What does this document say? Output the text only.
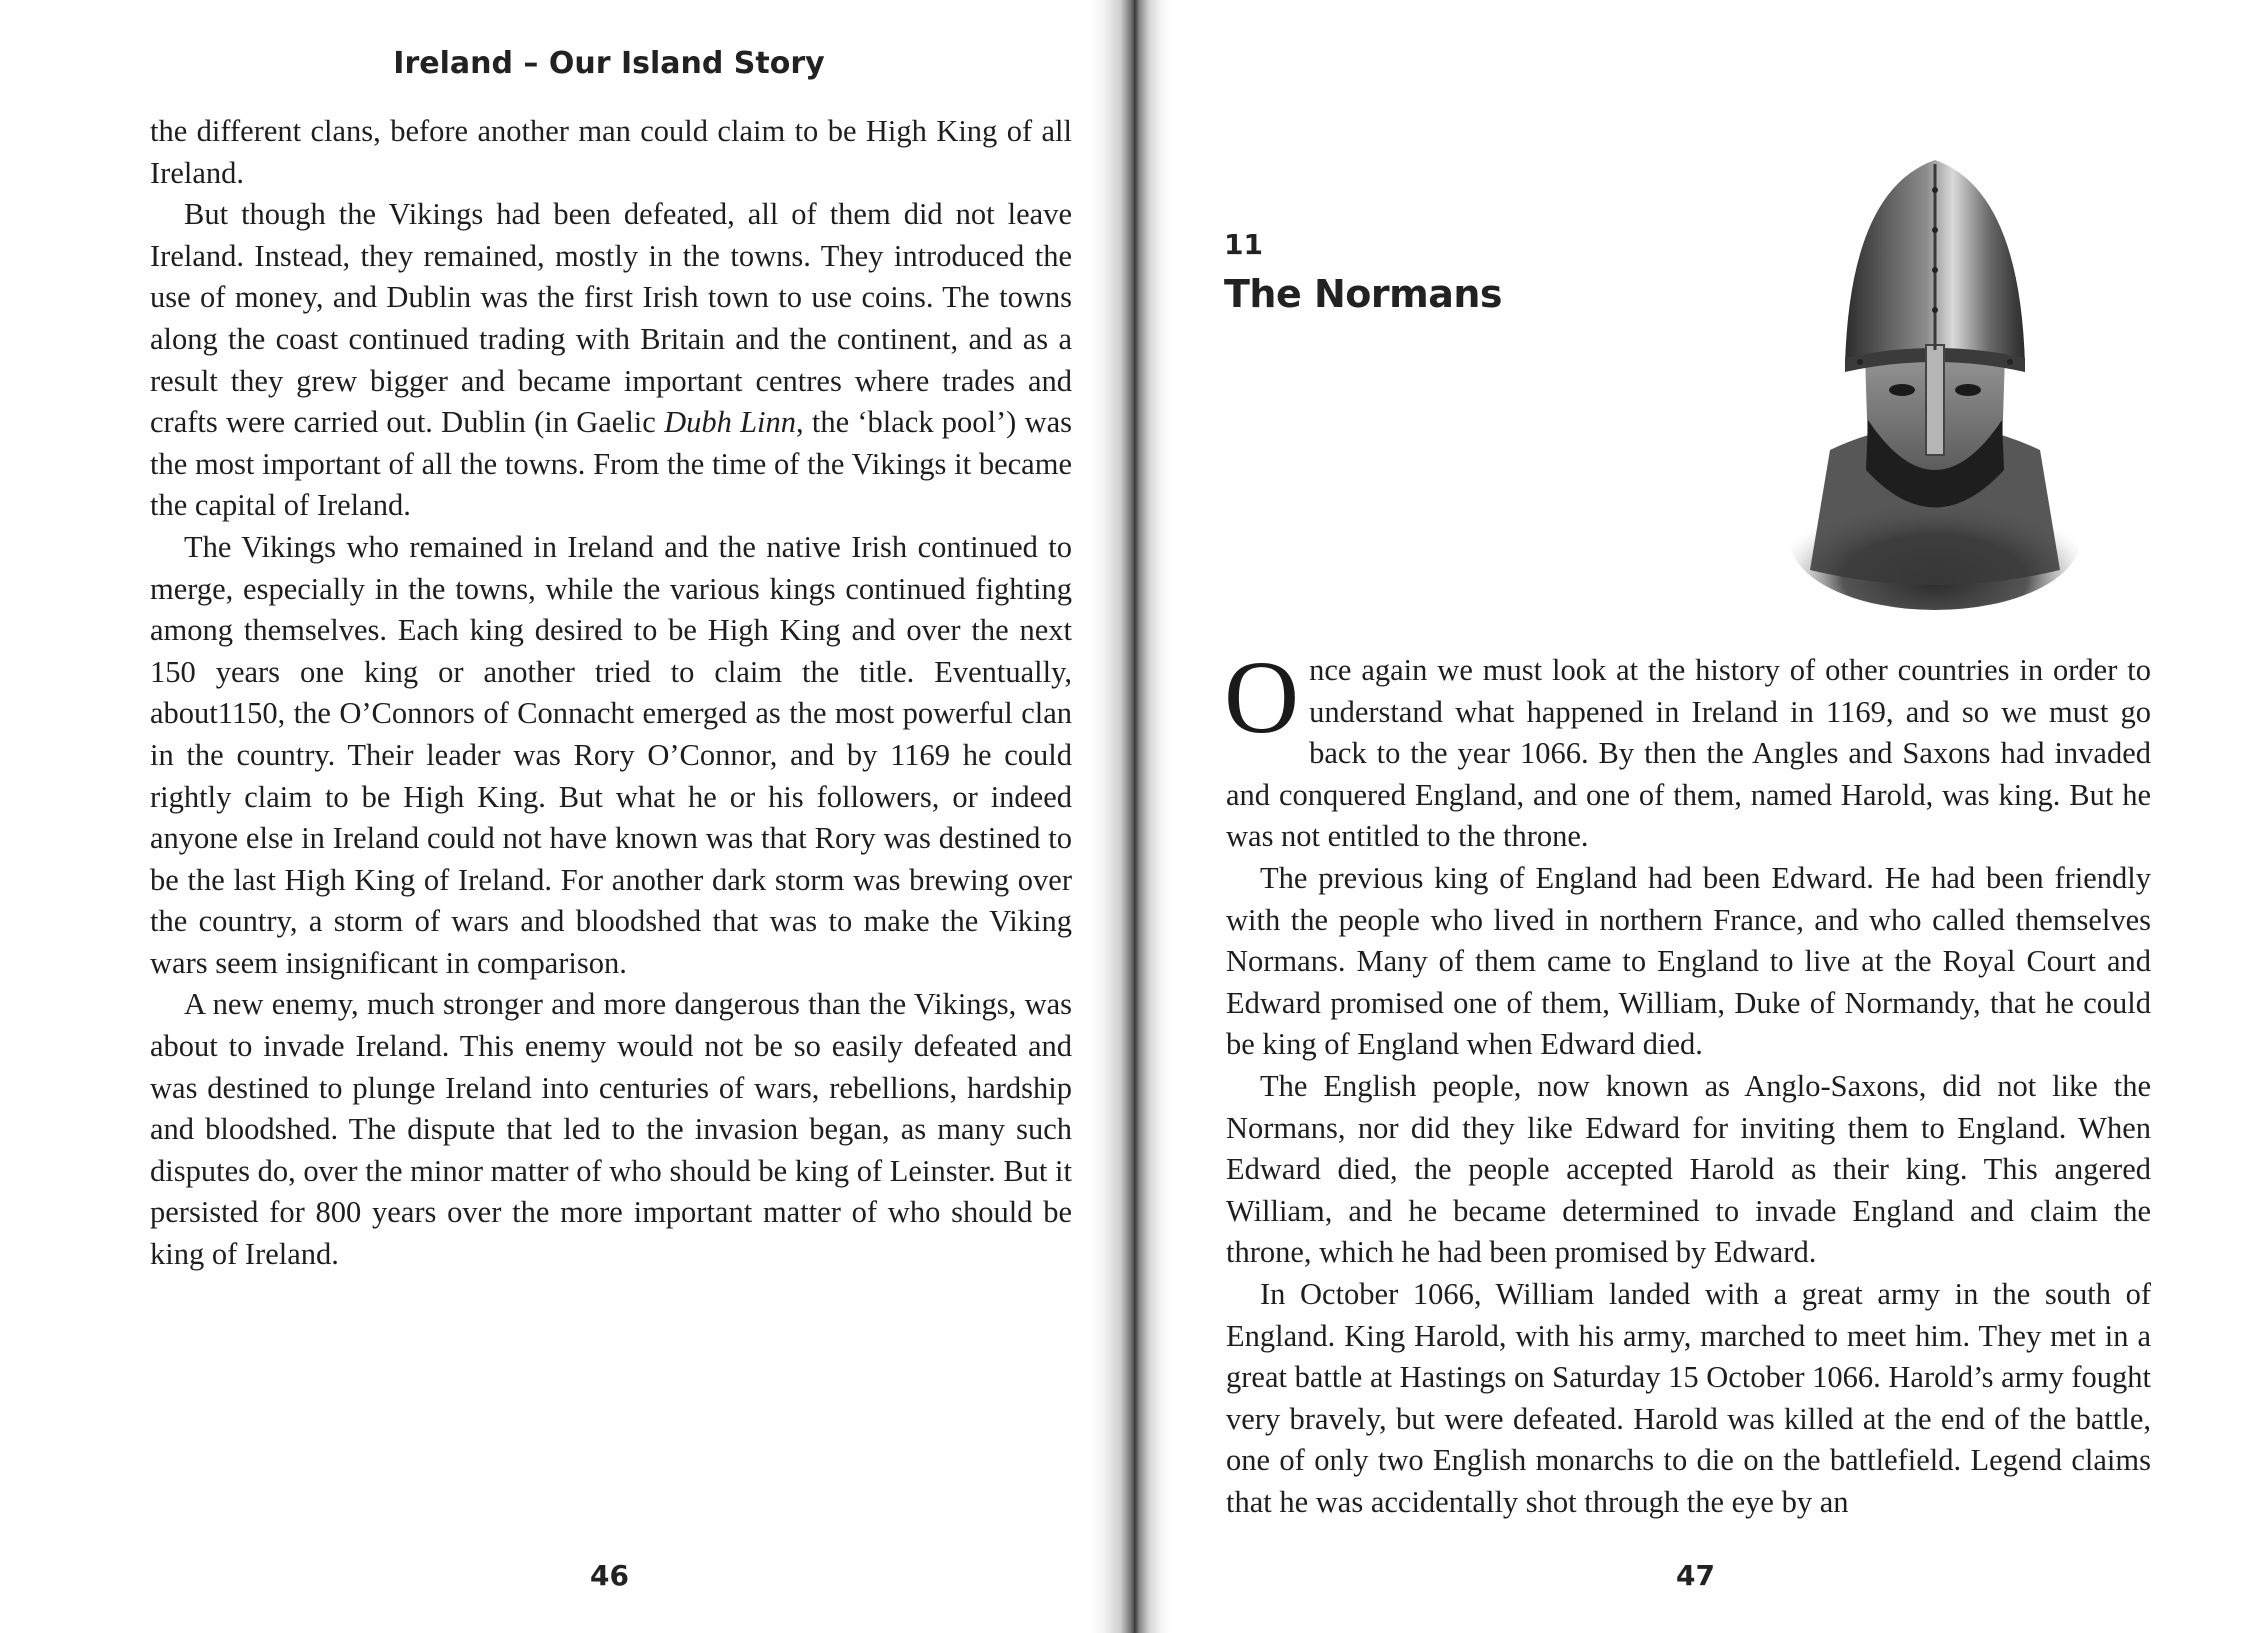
Ireland – Our Island Story

the different clans, before another man could claim to be High King of all Ireland.

But though the Vikings had been defeated, all of them did not leave Ireland. Instead, they remained, mostly in the towns. They introduced the use of money, and Dublin was the first Irish town to use coins. The towns along the coast continued trading with Britain and the continent, and as a result they grew bigger and became important centres where trades and crafts were carried out. Dublin (in Gaelic Dubh Linn, the ‘black pool’) was the most important of all the towns. From the time of the Vikings it became the capital of Ireland.

The Vikings who remained in Ireland and the native Irish continued to merge, especially in the towns, while the various kings continued fighting among themselves. Each king desired to be High King and over the next 150 years one king or another tried to claim the title. Eventually, about1150, the O’Connors of Connacht emerged as the most powerful clan in the country. Their leader was Rory O’Connor, and by 1169 he could rightly claim to be High King. But what he or his followers, or indeed anyone else in Ireland could not have known was that Rory was destined to be the last High King of Ireland. For another dark storm was brewing over the country, a storm of wars and bloodshed that was to make the Viking wars seem insignificant in comparison.

A new enemy, much stronger and more dangerous than the Vikings, was about to invade Ireland. This enemy would not be so easily defeated and was destined to plunge Ireland into centuries of wars, rebellions, hardship and bloodshed. The dispute that led to the invasion began, as many such disputes do, over the minor matter of who should be king of Leinster. But it persisted for 800 years over the more important matter of who should be king of Ireland.

46
11
The Normans

Once again we must look at the history of other countries in order to understand what happened in Ireland in 1169, and so we must go back to the year 1066. By then the Angles and Saxons had invaded and conquered England, and one of them, named Harold, was king. But he was not entitled to the throne.

The previous king of England had been Edward. He had been friendly with the people who lived in northern France, and who called themselves Normans. Many of them came to England to live at the Royal Court and Edward promised one of them, William, Duke of Normandy, that he could be king of England when Edward died.

The English people, now known as Anglo-Saxons, did not like the Normans, nor did they like Edward for inviting them to England. When Edward died, the people accepted Harold as their king. This angered William, and he became determined to invade England and claim the throne, which he had been promised by Edward.

In October 1066, William landed with a great army in the south of England. King Harold, with his army, marched to meet him. They met in a great battle at Hastings on Saturday 15 October 1066. Harold’s army fought very bravely, but were defeated. Harold was killed at the end of the battle, one of only two English monarchs to die on the battlefield. Legend claims that he was accidentally shot through the eye by an

47
